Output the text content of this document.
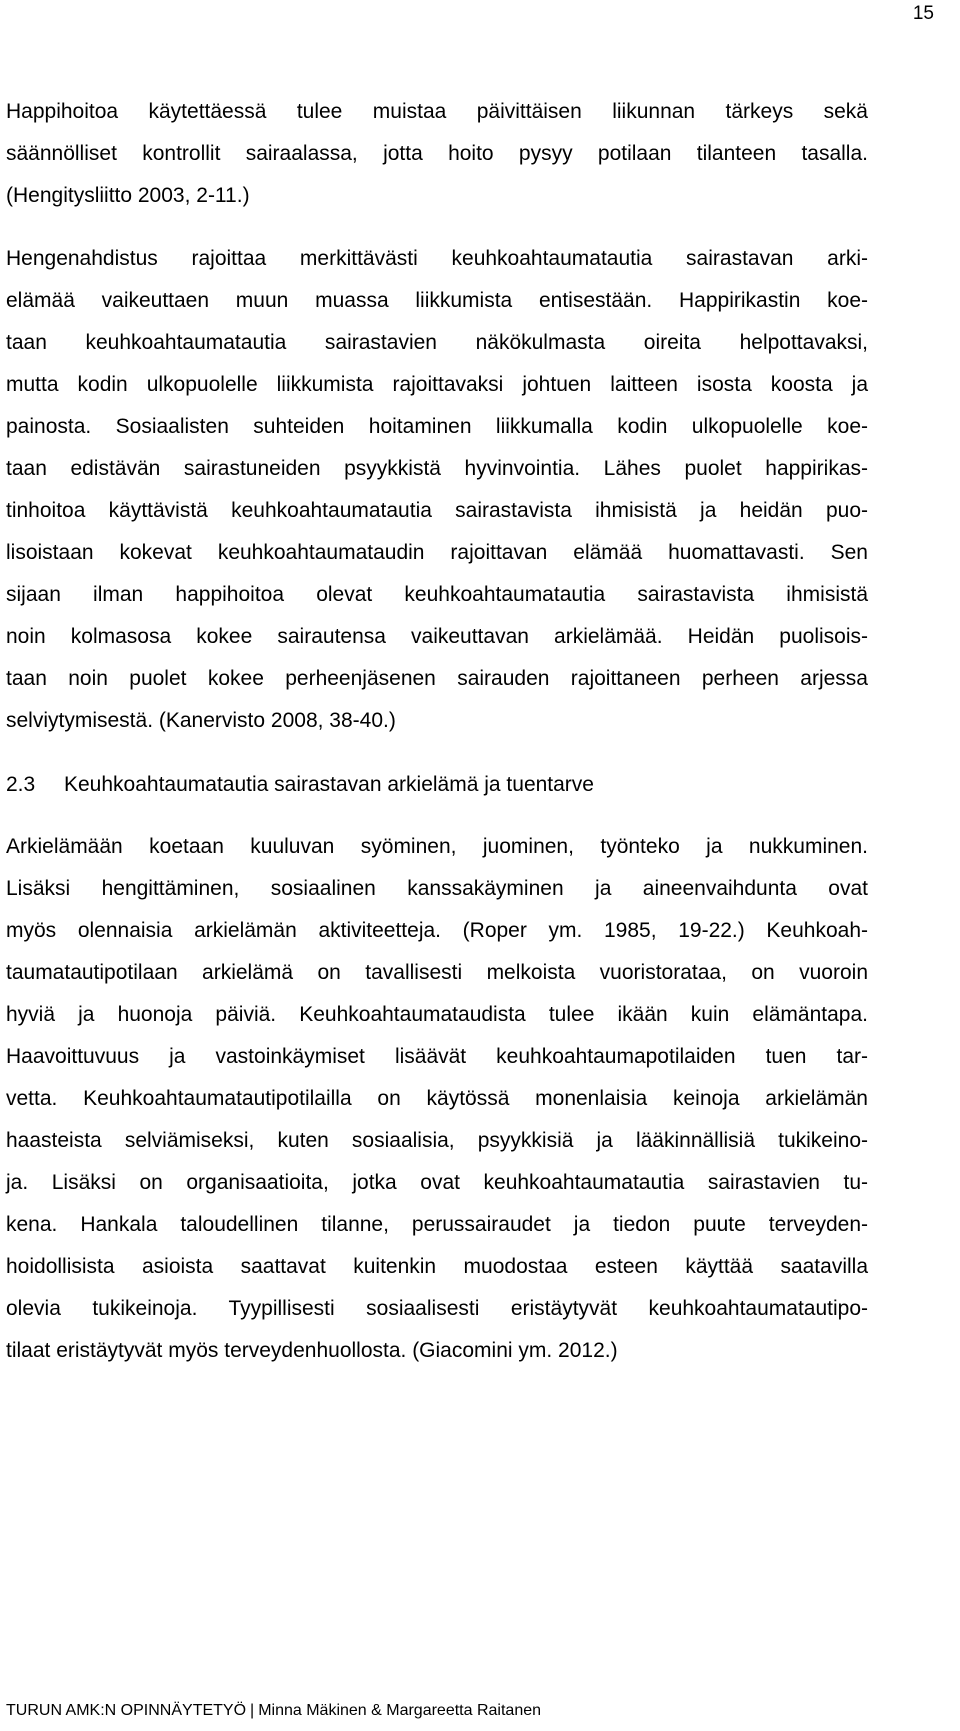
15
Happihoitoa käytettäessä tulee muistaa päivittäisen liikunnan tärkeys sekä
säännölliset kontrollit sairaalassa, jotta hoito pysyy potilaan tilanteen tasalla.
(Hengitysliitto 2003, 2-11.)
Hengenahdistus rajoittaa merkittävästi keuhkoahtaumatautia sairastavan arki-
elämää vaikeuttaen muun muassa liikkumista entisestään. Happirikastin koe-
taan keuhkoahtaumatautia sairastavien näkökulmasta oireita helpottavaksi,
mutta kodin ulkopuolelle liikkumista rajoittavaksi johtuen laitteen isosta koosta ja
painosta. Sosiaalisten suhteiden hoitaminen liikkumalla kodin ulkopuolelle koe-
taan edistävän sairastuneiden psyykkistä hyvinvointia. Lähes puolet happirikas-
tinhoitoa käyttävistä keuhkoahtaumatautia sairastavista ihmisistä ja heidän puo-
lisoistaan kokevat keuhkoahtaumataudin rajoittavan elämää huomattavasti. Sen
sijaan ilman happihoitoa olevat keuhkoahtaumatautia sairastavista ihmisistä
noin kolmasosa kokee sairautensa vaikeuttavan arkielämää. Heidän puolisois-
taan noin puolet kokee perheenjäsenen sairauden rajoittaneen perheen arjessa
selviytymisestä. (Kanervisto 2008, 38-40.)
2.3 Keuhkoahtaumatautia sairastavan arkielämä ja tuentarve
Arkielämään koetaan kuuluvan syöminen, juominen, työnteko ja nukkuminen.
Lisäksi hengittäminen, sosiaalinen kanssakäyminen ja aineenvaihdunta ovat
myös olennaisia arkielämän aktiviteetteja. (Roper ym. 1985, 19-22.) Keuhkoah-
taumatautipotilaan arkielämä on tavallisesti melkoista vuoristorataa, on vuoroin
hyviä ja huonoja päiviä. Keuhkoahtaumataudista tulee ikään kuin elämäntapa.
Haavoittuvuus ja vastoinkäymiset lisäävät keuhkoahtaumapotilaiden tuen tar-
vetta. Keuhkoahtaumatautipotilailla on käytössä monenlaisia keinoja arkielämän
haasteista selviämiseksi, kuten sosiaalisia, psyykkisiä ja lääkinnällisiä tukikeino-
ja. Lisäksi on organisaatioita, jotka ovat keuhkoahtaumatautia sairastavien tu-
kena. Hankala taloudellinen tilanne, perussairaudet ja tiedon puute terveyden-
hoidollisista asioista saattavat kuitenkin muodostaa esteen käyttää saatavilla
olevia tukikeinoja. Tyypillisesti sosiaalisesti eristäytyvät keuhkoahtaumatautipo-
tilaat eristäytyvät myös terveydenhuollosta. (Giacomini ym. 2012.)
TURUN AMK:N OPINNÄYTETYÖ | Minna Mäkinen & Margareetta Raitanen
